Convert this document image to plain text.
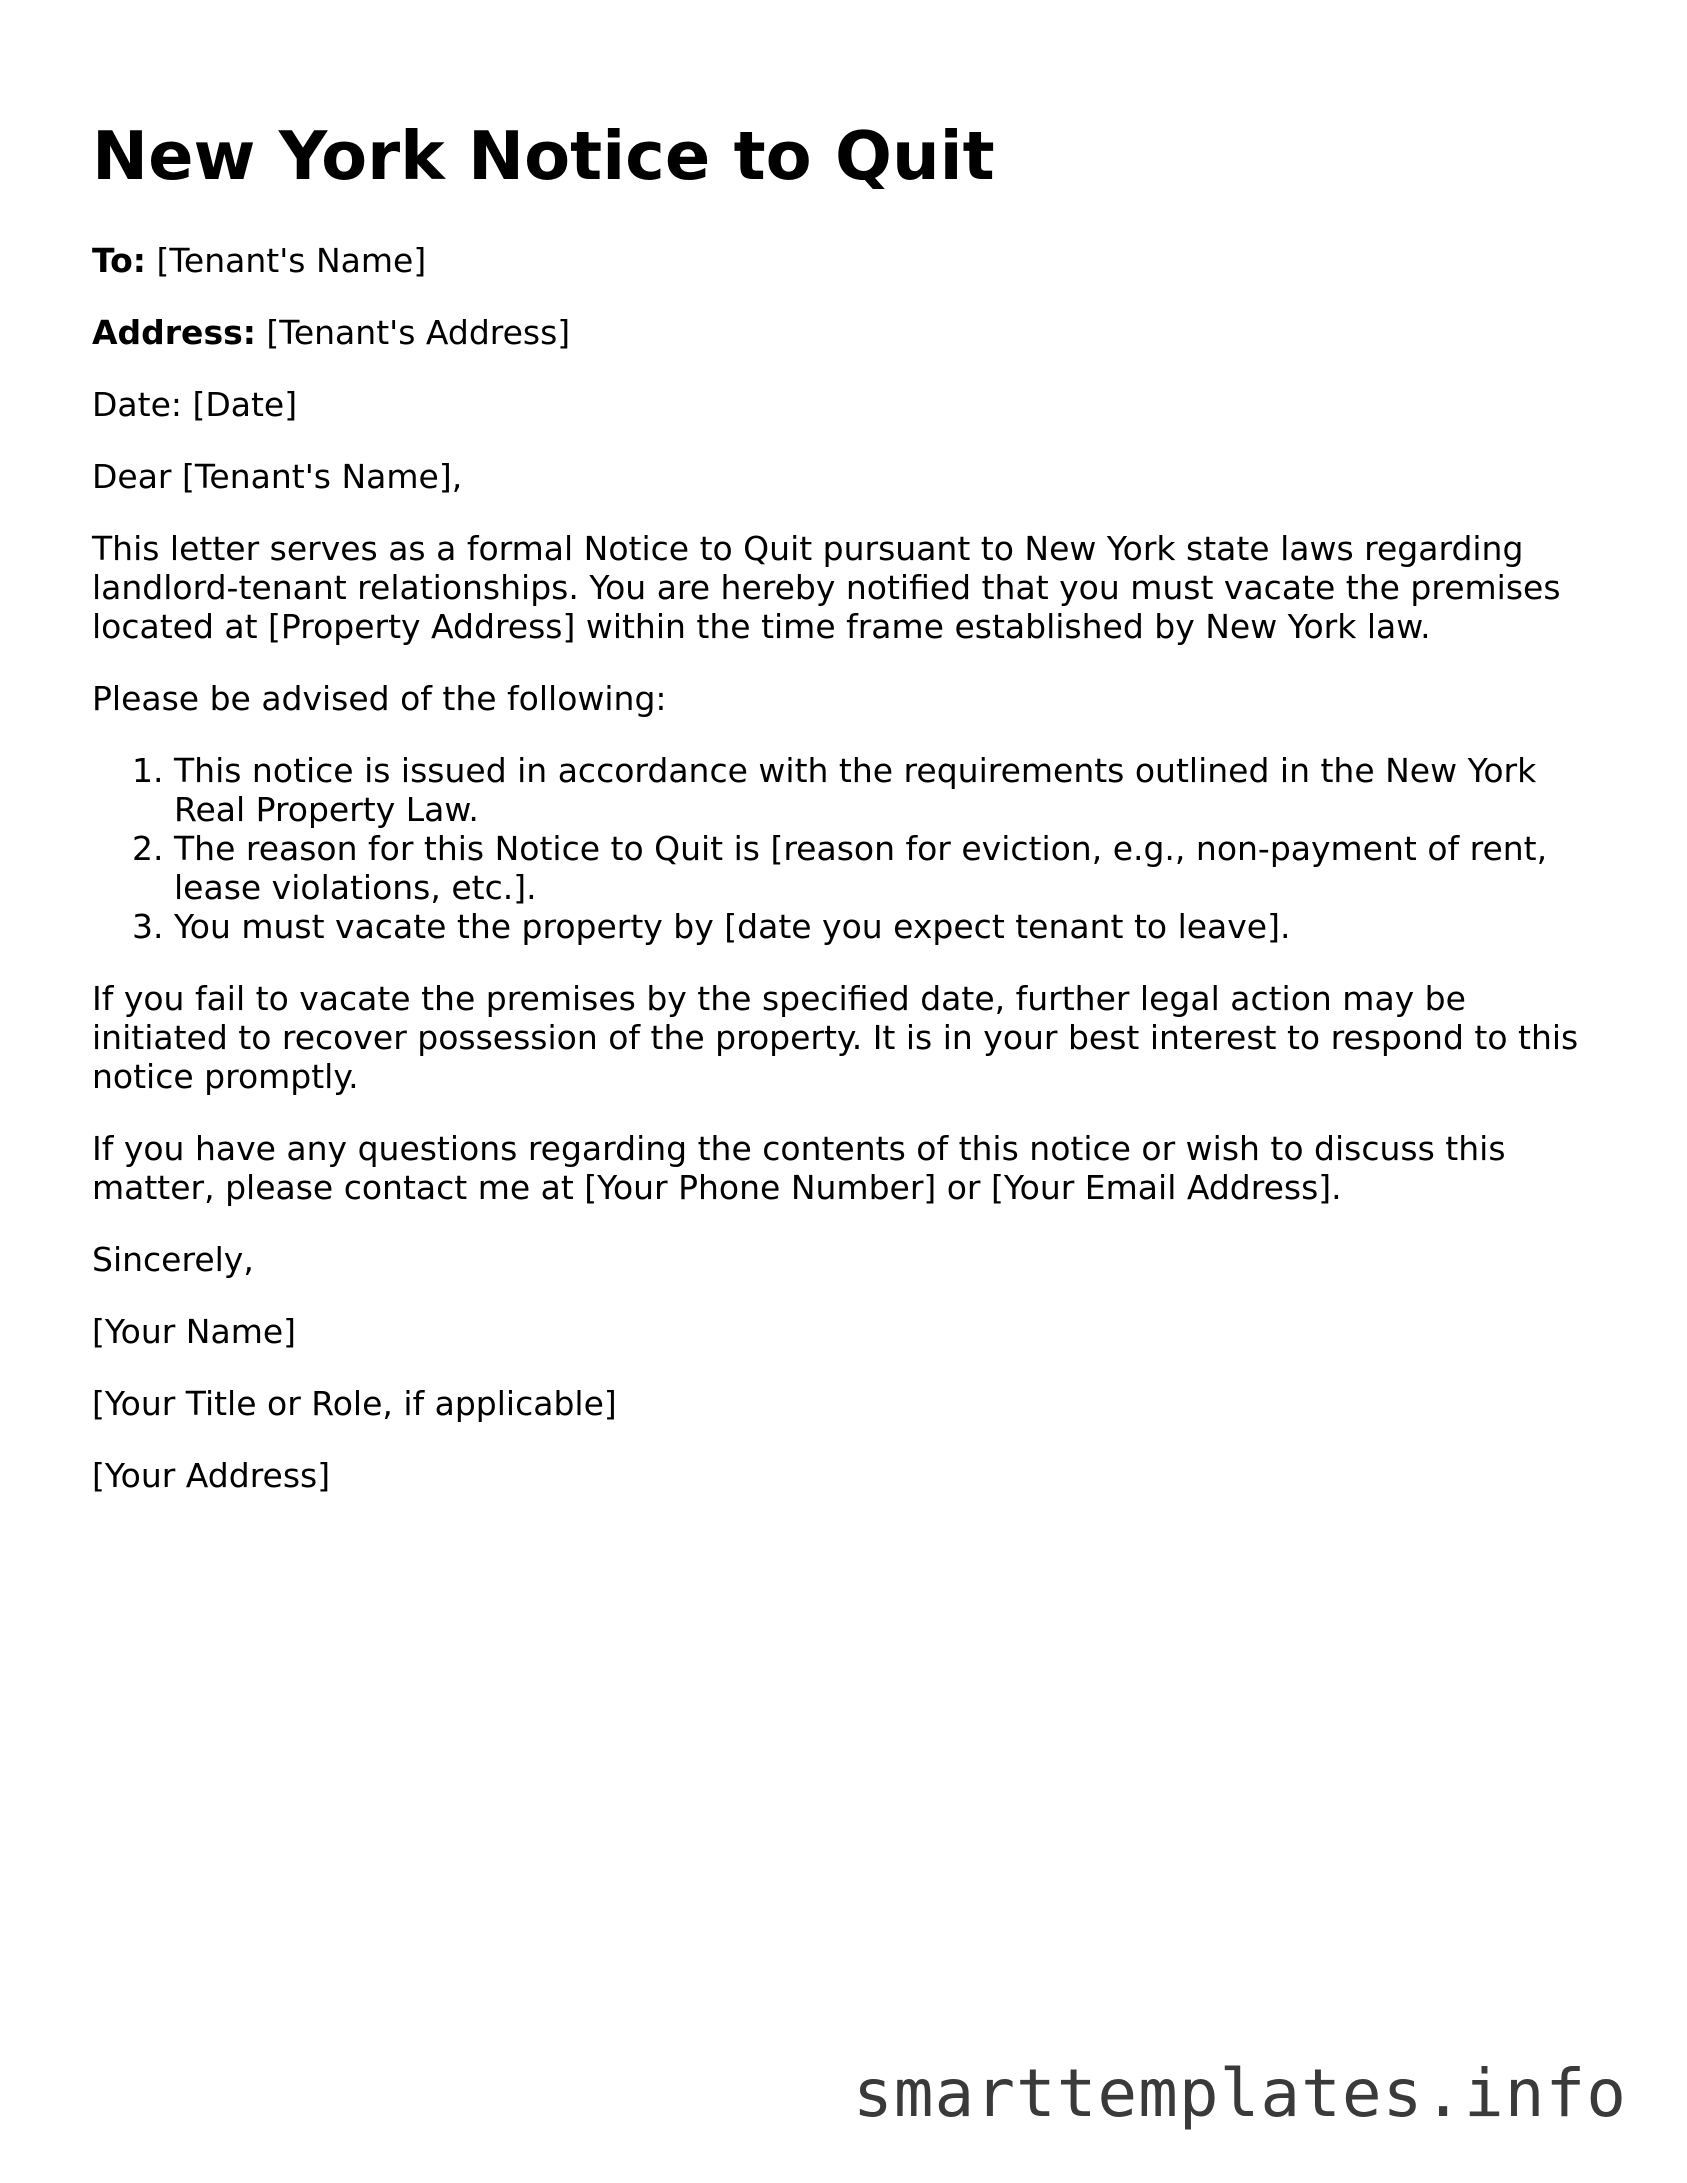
New York Notice to Quit

To: [Tenant's Name]

Address: [Tenant's Address]

Date: [Date]

Dear [Tenant's Name],

This letter serves as a formal Notice to Quit pursuant to New York state laws regarding landlord-tenant relationships. You are hereby notified that you must vacate the premises located at [Property Address] within the time frame established by New York law.

Please be advised of the following:

1. This notice is issued in accordance with the requirements outlined in the New York Real Property Law.
2. The reason for this Notice to Quit is [reason for eviction, e.g., non-payment of rent, lease violations, etc.].
3. You must vacate the property by [date you expect tenant to leave].

If you fail to vacate the premises by the specified date, further legal action may be initiated to recover possession of the property. It is in your best interest to respond to this notice promptly.

If you have any questions regarding the contents of this notice or wish to discuss this matter, please contact me at [Your Phone Number] or [Your Email Address].

Sincerely,

[Your Name]

[Your Title or Role, if applicable]

[Your Address]

smarttemplates.info
